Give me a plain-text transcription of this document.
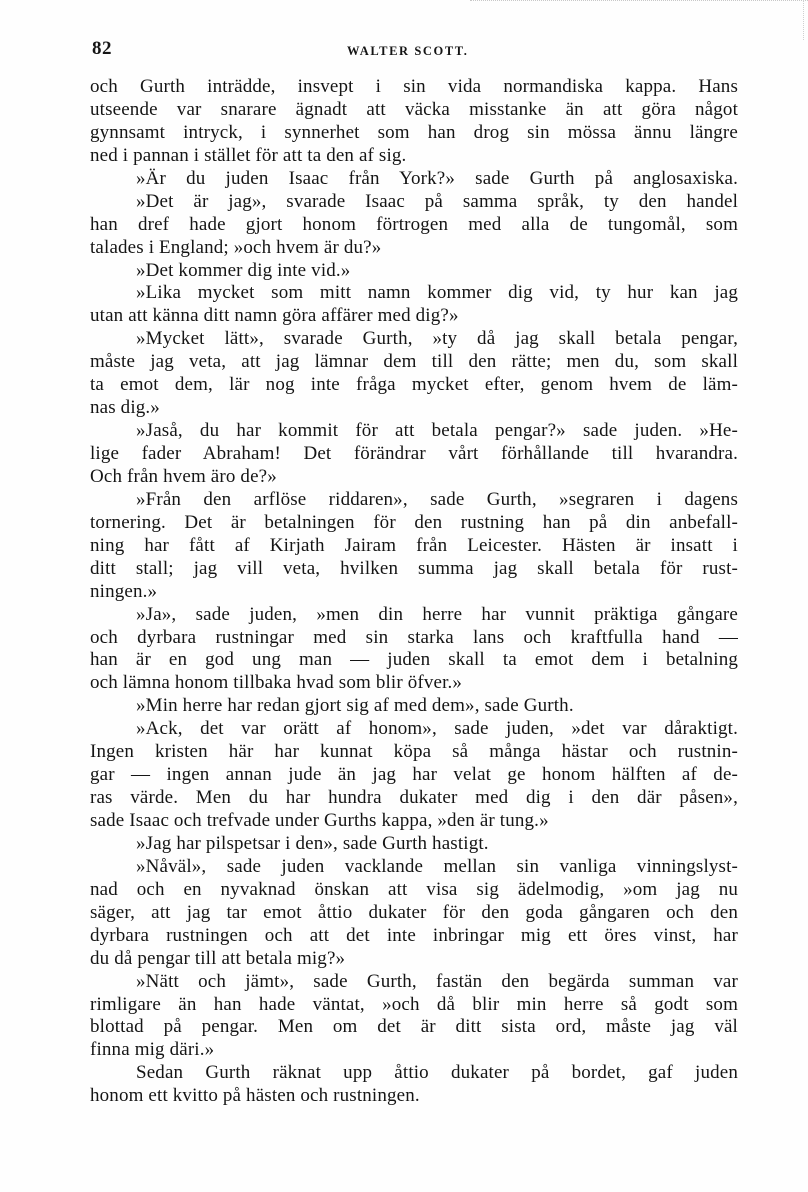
82	WALTER SCOTT.
och Gurth inträdde, insvept i sin vida normandiska kappa. Hans
utseende var snarare ägnadt att väcka misstanke än att göra något
gynnsamt intryck, i synnerhet som han drog sin mössa ännu längre
ned i pannan i stället för att ta den af sig.
»Är du juden Isaac från York?» sade Gurth på anglosaxiska.
»Det är jag», svarade Isaac på samma språk, ty den handel
han dref hade gjort honom förtrogen med alla de tungomål, som
talades i England; »och hvem är du?»
»Det kommer dig inte vid.»
»Lika mycket som mitt namn kommer dig vid, ty hur kan jag
utan att känna ditt namn göra affärer med dig?»
»Mycket lätt», svarade Gurth, »ty då jag skall betala pengar,
måste jag veta, att jag lämnar dem till den rätte; men du, som skall
ta emot dem, lär nog inte fråga mycket efter, genom hvem de läm-
nas dig.»
»Jaså, du har kommit för att betala pengar?» sade juden. »He-
lige fader Abraham! Det förändrar vårt förhållande till hvarandra.
Och från hvem äro de?»
»Från den arflöse riddaren», sade Gurth, »segraren i dagens
tornering. Det är betalningen för den rustning han på din anbefall-
ning har fått af Kirjath Jairam från Leicester. Hästen är insatt i
ditt stall; jag vill veta, hvilken summa jag skall betala för rust-
ningen.»
»Ja», sade juden, »men din herre har vunnit präktiga gångare
och dyrbara rustningar med sin starka lans och kraftfulla hand —
han är en god ung man — juden skall ta emot dem i betalning
och lämna honom tillbaka hvad som blir öfver.»
»Min herre har redan gjort sig af med dem», sade Gurth.
»Ack, det var orätt af honom», sade juden, »det var dåraktigt.
Ingen kristen här har kunnat köpa så många hästar och rustnin-
gar — ingen annan jude än jag har velat ge honom hälften af de-
ras värde. Men du har hundra dukater med dig i den där påsen»,
sade Isaac och trefvade under Gurths kappa, »den är tung.»
»Jag har pilspetsar i den», sade Gurth hastigt.
»Nåväl», sade juden vacklande mellan sin vanliga vinningslyst-
nad och en nyvaknad önskan att visa sig ädelmodig, »om jag nu
säger, att jag tar emot åttio dukater för den goda gångaren och den
dyrbara rustningen och att det inte inbringar mig ett öres vinst, har
du då pengar till att betala mig?»
»Nätt och jämt», sade Gurth, fastän den begärda summan var
rimligare än han hade väntat, »och då blir min herre så godt som
blottad på pengar. Men om det är ditt sista ord, måste jag väl
finna mig däri.»
Sedan Gurth räknat upp åttio dukater på bordet, gaf juden
honom ett kvitto på hästen och rustningen.
